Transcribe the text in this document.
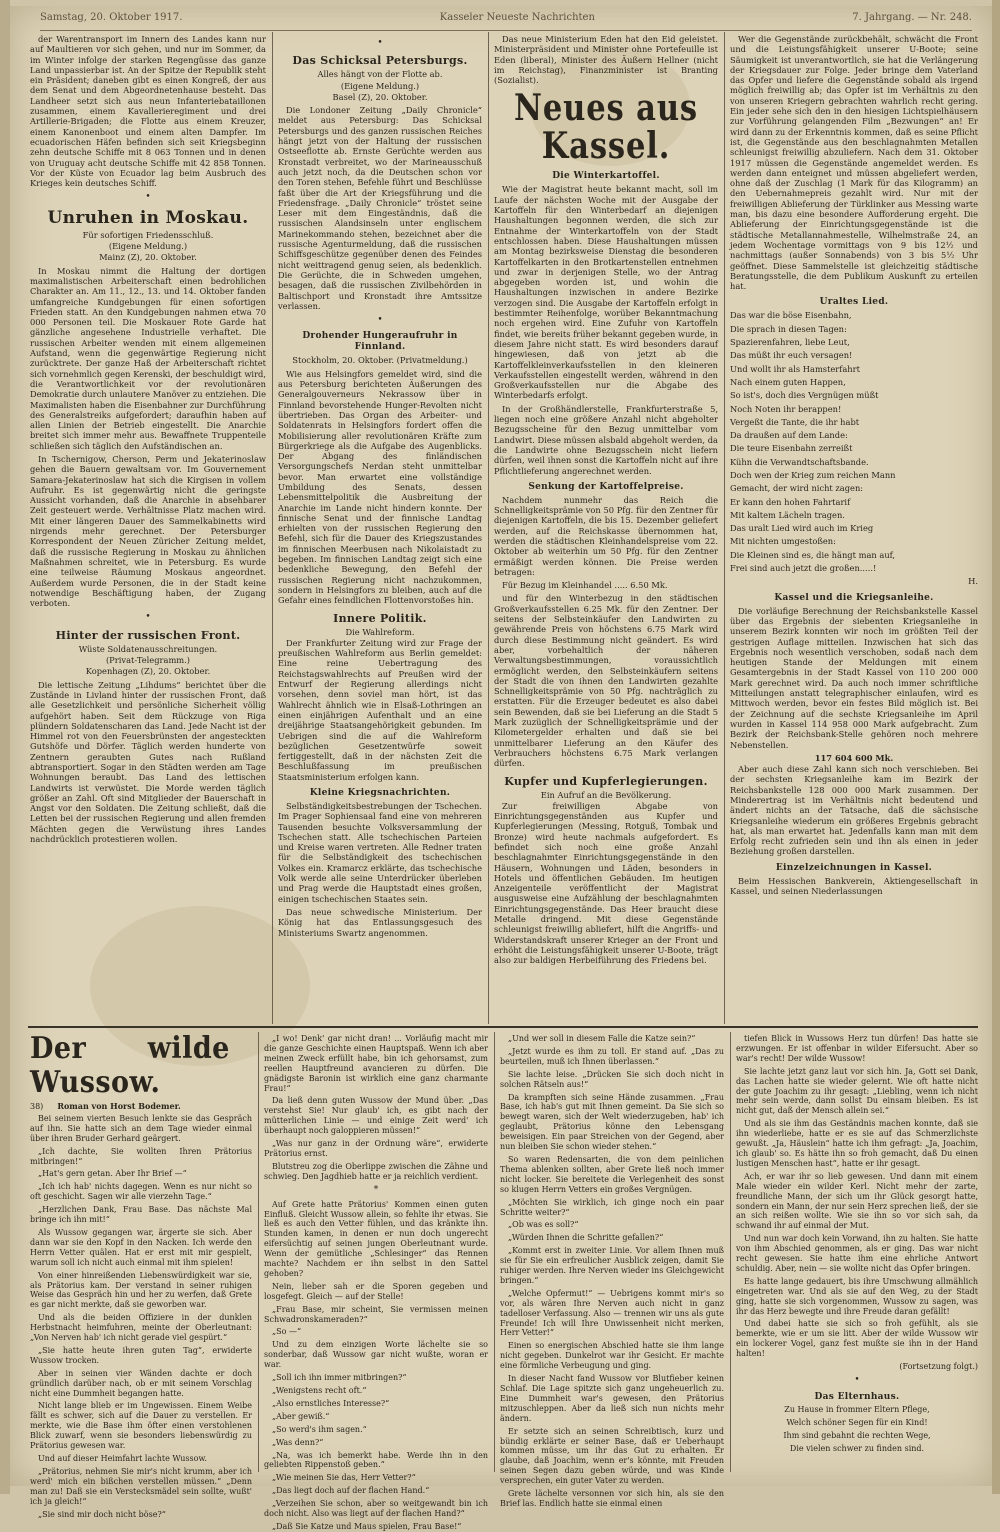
Samstag, 20. Oktober 1917.	Kasseler Neueste Nachrichten	7. Jahrgang. — Nr. 248.

der Warentransport im Innern des Landes kann nur auf Maultieren vor sich gehen, und nur im Sommer, da im Winter infolge der starken Regengüsse das ganze Land unpassierbar ist. An der Spitze der Republik steht ein Präsident; daneben gibt es einen Kongreß, der aus dem Senat und dem Abgeordnetenhause besteht. Das Landheer setzt sich aus neun Infanteriebataillonen zusammen, einem Kavallerieregiment und drei Artillerie-Brigaden; die Flotte aus einem Kreuzer, einem Kanonenboot und einem alten Dampfer. Im ecuadorischen Häfen befinden sich seit Kriegsbeginn zehn deutsche Schiffe mit 8 063 Tonnen und in denen von Uruguay acht deutsche Schiffe mit 42 858 Tonnen. Vor der Küste von Ecuador lag beim Ausbruch des Krieges kein deutsches Schiff.

•
Unruhen in Moskau.
Für sofortigen Friedensschluß.
(Eigene Meldung.)
Mainz (Z), 20. Oktober.

In Moskau nimmt die Haltung der dortigen maximalistischen Arbeiterschaft einen bedrohlichen Charakter an. Am 11., 12., 13. und 14. Oktober fanden umfangreiche Kundgebungen für einen sofortigen Frieden statt. An den Kundgebungen nahmen etwa 70 000 Personen teil. Die Moskauer Rote Garde hat gänzliche angesehene Industrielle verhaftet. Die russischen Arbeiter wenden mit einem allgemeinen Aufstand, wenn die gegenwärtige Regierung nicht zurücktrete. Der ganze Haß der Arbeiterschaft richtet sich vornehmlich gegen Kerenski, der beschuldigt wird, die Verantwortlichkeit vor der revolutionären Demokratie durch unlautere Manöver zu entziehen. Die Maximalisten haben die Eisenbahner zur Durchführung des Generalstreiks aufgefordert; daraufhin haben auf allen Linien der Betrieb eingestellt. Die Anarchie breitet sich immer mehr aus. Bewaffnete Truppenteile schließen sich täglich den Aufständischen an.

In Tschernigow, Cherson, Perm und Jekaterinoslaw gehen die Bauern gewaltsam vor. Im Gouvernement Samara-Jekaterinoslaw hat sich die Kirgisen in vollem Aufruhr. Es ist gegenwärtig nicht die geringste Aussicht vorhanden, daß die Anarchie in absehbarer Zeit gesteuert werde. Verhältnisse Platz machen wird. Mit einer längeren Dauer des Sammelkabinetts wird nirgends mehr gerechnet. Der Petersburger Korrespondent der Neuen Züricher Zeitung meldet, daß die russische Regierung in Moskau zu ähnlichen Maßnahmen schreitet, wie in Petersburg. Es wurde eine teilweise Räumung Moskaus angeordnet. Außerdem wurde Personen, die in der Stadt keine notwendige Beschäftigung haben, der Zugang verboten.

•
Hinter der russischen Front.
Wüste Soldatenausschreitungen.
(Privat-Telegramm.)
Kopenhagen (Z), 20. Oktober.

Die lettische Zeitung „Lihdums“ berichtet über die Zustände in Livland hinter der russischen Front, daß alle Gesetzlichkeit und persönliche Sicherheit völlig aufgehört haben. Seit dem Rückzuge von Riga plündern Soldatenscharen das Land. Jede Nacht ist der Himmel rot von den Feuersbrünsten der angesteckten Gutshöfe und Dörfer. Täglich werden hunderte von Zentnern geraubten Gutes nach Rußland abtransportiert. Sogar in den Städten werden am Tage Wohnungen beraubt. Das Land des lettischen Landwirts ist verwüstet. Die Morde werden täglich größer an Zahl. Oft sind Mitglieder der Bauerschaft in Angst vor den Soldaten. Die Zeitung schließt, daß die Letten bei der russischen Regierung und allen fremden Mächten gegen die Verwüstung ihres Landes nachdrücklich protestieren wollen.

•
Das Schicksal Petersburgs.
Alles hängt von der Flotte ab.
(Eigene Meldung.)
Basel (Z), 20. Oktober.

Die Londoner Zeitung „Daily Chronicle“ meldet aus Petersburg: Das Schicksal Petersburgs und des ganzen russischen Reiches hängt jetzt von der Haltung der russischen Ostseeflotte ab. Ernste Gerüchte werden aus Kronstadt verbreitet, wo der Marineausschuß auch jetzt noch, da die Deutschen schon vor den Toren stehen, Befehle führt und Beschlüsse faßt über die Art der Kriegsführung und die Friedensfrage. „Daily Chronicle“ tröstet seine Leser mit dem Eingeständnis, daß die russischen Alandsinseln unter englischem Marinekommando stehen, bezeichnet aber die russische Agenturmeldung, daß die russischen Schiffsgeschütze gegenüber denen des Feindes nicht weittragend genug seien, als bedenklich. Die Gerüchte, die in Schweden umgehen, besagen, daß die russischen Zivilbehörden in Baltischport und Kronstadt ihre Amtssitze verlassen.

•
Drohender Hungeraufruhr in Finnland.
Stockholm, 20. Oktober. (Privatmeldung.)

Wie aus Helsingfors gemeldet wird, sind die aus Petersburg berichteten Äußerungen des Generalgouverneurs Nekrassow über in Finnland bevorstehende Hunger-Revolten nicht übertrieben. Das Organ des Arbeiter- und Soldatenrats in Helsingfors fordert offen die Mobilisierung aller revolutionären Kräfte zum Bürgerkriege als die Aufgabe des Augenblicks. Der Abgang des finländischen Versorgungschefs Nerdan steht unmittelbar bevor. Man erwartet eine vollständige Umbildung des Senats, dessen Lebensmittelpolitik die Ausbreitung der Anarchie im Lande nicht hindern konnte. Der finnische Senat und der finnische Landtag erhielten von der russischen Regierung den Befehl, sich für die Dauer des Kriegszustandes im finnischen Meerbusen nach Nikolaistadt zu begeben. Im finnischen Landtag zeigt sich eine bedenkliche Bewegung, den Befehl der russischen Regierung nicht nachzukommen, sondern in Helsingfors zu bleiben, auch auf die Gefahr eines feindlichen Flottenvorstoßes hin.

Innere Politik.
Die Wahlreform.

Der Frankfurter Zeitung wird zur Frage der preußischen Wahlreform aus Berlin gemeldet: Eine reine Uebertragung des Reichstagswahlrechts auf Preußen wird der Entwurf der Regierung allerdings nicht vorsehen, denn soviel man hört, ist das Wahlrecht ähnlich wie in Elsaß-Lothringen an einen einjährigen Aufenthalt und an eine dreijährige Staatsangehörigkeit gebunden. Im Uebrigen sind die auf die Wahlreform bezüglichen Gesetzentwürfe soweit fertiggestellt, daß in der nächsten Zeit die Beschlußfassung im preußischen Staatsministerium erfolgen kann.

Kleine Kriegsnachrichten.

Selbständigkeitsbestrebungen der Tschechen. Im Prager Sophiensaal fand eine von mehreren Tausenden besuchte Volksversammlung der Tschechen statt. Alle tschechischen Parteien und Kreise waren vertreten. Alle Redner traten für die Selbständigkeit des tschechischen Volkes ein. Kramarcz erklärte, das tschechische Volk werde alle seine Unterdrücker überleben und Prag werde die Hauptstadt eines großen, einigen tschechischen Staates sein.

Das neue schwedische Ministerium. Der König hat das Entlassungsgesuch des Ministeriums Swartz angenommen.

Das neue Ministerium Eden hat den Eid geleistet. Ministerpräsident und Minister ohne Portefeuille ist Eden (liberal), Minister des Äußern Hellner (nicht im Reichstag), Finanzminister ist Branting (Sozialist).

Neues aus Kassel.
Die Winterkartoffel.

Wie der Magistrat heute bekannt macht, soll im Laufe der nächsten Woche mit der Ausgabe der Kartoffeln für den Winterbedarf an diejenigen Haushaltungen begonnen werden, die sich zur Entnahme der Winterkartoffeln von der Stadt entschlossen haben. Diese Haushaltungen müssen am Montag bezirksweise Dienstag die besonderen Kartoffelkarten in den Brotkartenstellen entnehmen und zwar in derjenigen Stelle, wo der Antrag abgegeben worden ist, und wohin die Haushaltungen inzwischen in andere Bezirke verzogen sind. Die Ausgabe der Kartoffeln erfolgt in bestimmter Reihenfolge, worüber Bekanntmachung noch ergehen wird. Eine Zufuhr von Kartoffeln findet, wie bereits früher bekannt gegeben wurde, in diesem Jahre nicht statt. Es wird besonders darauf hingewiesen, daß von jetzt ab die Kartoffelkleinverkaufsstellen in den kleineren Verkaufsstellen eingestellt werden, während in den Großverkaufsstellen nur die Abgabe des Winterbedarfs erfolgt.

In der Großhändlerstelle, Frankfurterstraße 5, liegen noch eine größere Anzahl nicht abgeholter Bezugsscheine für den Bezug unmittelbar vom Landwirt. Diese müssen alsbald abgeholt werden, da die Landwirte ohne Bezugsschein nicht liefern dürfen, weil ihnen sonst die Kartoffeln nicht auf ihre Pflichtlieferung angerechnet werden.

Senkung der Kartoffelpreise.

Nachdem nunmehr das Reich die Schnelligkeitsprämie von 50 Pfg. für den Zentner für diejenigen Kartoffeln, die bis 15. Dezember geliefert werden, auf die Reichskasse übernommen hat, werden die städtischen Kleinhandelspreise vom 22. Oktober ab weiterhin um 50 Pfg. für den Zentner ermäßigt werden können. Die Preise werden betragen:

Für Bezug im Kleinhandel ..... 6.50 Mk.

und für den Winterbezug in den städtischen Großverkaufsstellen 6.25 Mk. für den Zentner. Der seitens der Selbsteinkäufer den Landwirten zu gewährende Preis von höchstens 6.75 Mark wird durch diese Bestimmung nicht geändert. Es wird aber, vorbehaltlich der näheren Verwaltungsbestimmungen, voraussichtlich ermöglicht werden, den Selbsteinkäufern seitens der Stadt die von ihnen den Landwirten gezahlte Schnelligkeitsprämie von 50 Pfg. nachträglich zu erstatten. Für die Erzeuger bedeutet es also dabei sein Bewenden, daß sie bei Lieferung an die Stadt 5 Mark zuzüglich der Schnelligkeitsprämie und der Kilometergelder erhalten und daß sie bei unmittelbarer Lieferung an den Käufer des Verbrauchers höchstens 6.75 Mark verlangen dürfen.

Kupfer und Kupferlegierungen.
Ein Aufruf an die Bevölkerung.

Zur freiwilligen Abgabe von Einrichtungsgegenständen aus Kupfer und Kupferlegierungen (Messing, Rotguß, Tombak und Bronze) wird heute nachmals aufgefordert. Es befindet sich noch eine große Anzahl beschlagnahmter Einrichtungsgegenstände in den Häusern, Wohnungen und Läden, besonders in Hotels und öffentlichen Gebäuden. Im heutigen Anzeigenteile veröffentlicht der Magistrat ausgusweise eine Aufzählung der beschlagnahmten Einrichtungsgegenstände. Das Heer braucht diese Metalle dringend. Mit diese Gegenstände schleunigst freiwillig abliefert, hilft die Angriffs- und Widerstandskraft unserer Krieger an der Front und erhöht die Leistungsfähigkeit unserer U-Boote, trägt also zur baldigen Herbeiführung des Friedens bei.

Wer die Gegenstände zurückbehält, schwächt die Front und die Leistungsfähigkeit unserer U-Boote; seine Säumigkeit ist unverantwortlich, sie hat die Verlängerung der Kriegsdauer zur Folge. Jeder bringe dem Vaterland das Opfer und liefere die Gegenstände sobald als irgend möglich freiwillig ab; das Opfer ist im Verhältnis zu den von unseren Kriegern gebrachten wahrlich recht gering. Ein jeder sehe sich den in den hiesigen Lichtspielhäusern zur Vorführung gelangenden Film „Bezwungen“ an! Er wird dann zu der Erkenntnis kommen, daß es seine Pflicht ist, die Gegenstände aus den beschlagnahmten Metallen schleunigst freiwillig abzuliefern. Nach dem 31. Oktober 1917 müssen die Gegenstände angemeldet werden. Es werden dann enteignet und müssen abgeliefert werden, ohne daß der Zuschlag (1 Mark für das Kilogramm) an den Uebernahmepreis gezahlt wird. Nur mit der freiwilligen Ablieferung der Türklinker aus Messing warte man, bis dazu eine besondere Aufforderung ergeht. Die Ablieferung der Einrichtungsgegenstände ist die städtische Metallannahmestelle, Wilhelmstraße 24, an jedem Wochentage vormittags von 9 bis 12½ und nachmittags (außer Sonnabends) von 3 bis 5½ Uhr geöffnet. Diese Sammelstelle ist gleichzeitig städtische Beratungsstelle, die dem Publikum Auskunft zu erteilen hat.

Uraltes Lied.

Das war die böse Eisenbahn,

Die sprach in diesen Tagen:

Spazierenfahren, liebe Leut,

Das müßt ihr euch versagen!

Und wollt ihr als Hamsterfahrt

Nach einem guten Happen,

So ist's, doch dies Vergnügen müßt

Noch Noten ihr berappen!

Vergeßt die Tante, die ihr habt

Da draußen auf dem Lande:

Die teure Eisenbahn zerreißt

Kühn die Verwandtschaftsbande.

Doch wen der Krieg zum reichen Mann

Gemacht, der wird nicht zagen:

Er kann den hohen Fahrtarif

Mit kaltem Lächeln tragen.

Das uralt Lied wird auch im Krieg

Mit nichten umgestoßen:

Die Kleinen sind es, die hängt man auf,

Frei sind auch jetzt die großen.....!

H.

Kassel und die Kriegsanleihe.

Die vorläufige Berechnung der Reichsbankstelle Kassel über das Ergebnis der siebenten Kriegsanleihe in unserem Bezirk konnten wir noch im größten Teil der gestrigen Auflage mitteilen. Inzwischen hat sich das Ergebnis noch wesentlich verschoben, sodaß nach dem heutigen Stande der Meldungen mit einem Gesamtergebnis in der Stadt Kassel von 110 200 000 Mark gerechnet wird. Da auch noch immer schriftliche Mitteilungen anstatt telegraphischer einlaufen, wird es Mittwoch werden, bevor ein festes Bild möglich ist. Bei der Zeichnung auf die sechste Kriegsanleihe im April wurden in Kassel 114 958 000 Mark aufgebracht. Zum Bezirk der Reichsbank-Stelle gehören noch mehrere Nebenstellen.

117 604 600 Mk.

Aber auch diese Zahl kann sich noch verschieben. Bei der sechsten Kriegsanleihe kam im Bezirk der Reichsbankstelle 128 000 000 Mark zusammen. Der Minderertrag ist im Verhältnis nicht bedeutend und ändert nichts an der Tatsache, daß die sächsische Kriegsanleihe wiederum ein größeres Ergebnis gebracht hat, als man erwartet hat. Jedenfalls kann man mit dem Erfolg recht zufrieden sein und ihn als einen in jeder Beziehung großen darstellen.

Einzelzeichnungen in Kassel.

Beim Hessischen Bankverein, Aktiengesellschaft in Kassel, und seinen Niederlassungen

Der wilde Wussow.
38) Roman von Horst Bodemer.

Bei seinem vierten Besuch lenkte sie das Gespräch auf ihn. Sie hatte sich an dem Tage wieder einmal über ihren Bruder Gerhard geärgert.

„Ich dachte, Sie wollten Ihren Prätorius mitbringen!“

„Hat's gern getan. Aber Ihr Brief —“

„Ich ich hab' nichts dagegen. Wenn es nur nicht so oft geschicht. Sagen wir alle vierzehn Tage.“

„Herzlichen Dank, Frau Base. Das nächste Mal bringe ich ihn mit!“

Als Wussow gegangen war, ärgerte sie sich. Aber dann war sie den Kopf in den Nacken. Ich werde den Herrn Vetter quälen. Hat er erst mit mir gespielt, warum soll ich nicht auch einmal mit ihm spielen!

Von einer hinreißenden Liebenswürdigkeit war sie, als Prätorius kam. Der verstand in seiner ruhigen Weise das Gespräch hin und her zu werfen, daß Grete es gar nicht merkte, daß sie geworben war.

Und als die beiden Offiziere in der dunklen Herbstnacht heimfuhren, meinte der Oberleutnant: „Von Nerven hab' ich nicht gerade viel gespürt.“

„Sie hatte heute ihren guten Tag“, erwiderte Wussow trocken.

Aber in seinen vier Wänden dachte er doch gründlich darüber nach, ob er mit seinem Vorschlag nicht eine Dummheit begangen hatte.

Nicht lange blieb er im Ungewissen. Einem Weibe fällt es schwer, sich auf die Dauer zu verstellen. Er merkte, wie die Base ihm öfter einen verstohlenen Blick zuwarf, wenn sie besonders liebenswürdig zu Prätorius gewesen war.

Und auf dieser Heimfahrt lachte Wussow.

„Prätorius, nehmen Sie mir's nicht krumm, aber ich werd' mich ein bißchen verstellen müssen.“ „Denn man zu! Daß sie ein Verstecksmädel sein sollte, wußt' ich ja gleich!“

„Sie sind mir doch nicht böse?“

„I wo! Denk' gar nicht dran! ... Vorläufig macht mir die ganze Geschichte einen Hauptspaß. Wenn ich aber meinen Zweck erfüllt habe, bin ich gehorsamst, zum reellen Hauptfreund avancieren zu dürfen. Die gnädigste Baronin ist wirklich eine ganz charmante Frau!“

Da ließ denn guten Wussow der Mund über. „Das verstehst Sie! Nur glaub' ich, es gibt nach der mütterlichen Linie — und einige Zeit werd' ich überhaupt noch galoppieren müssen!“

„Was nur ganz in der Ordnung wäre“, erwiderte Prätorius ernst.

Blutstreu zog die Oberlippe zwischen die Zähne und schwieg. Den Jagdhieb hatte er ja reichlich verdient.

*

Auf Grete hatte Prätorius' Kommen einen guten Einfluß. Gleicht Wussow allein, so fehlte ihr etwas. Sie ließ es auch den Vetter fühlen, und das kränkte ihn. Stunden kamen, in denen er nun doch ungerecht eifersüchtig auf seinen jungen Oberleutnant wurde. Wenn der gemütliche „Schlesinger“ das Rennen machte? Nachdem er ihn selbst in den Sattel gehoben?

Nein, lieber sah er die Sporen gegeben und losgefegt. Gleich — auf der Stelle!

„Frau Base, mir scheint, Sie vermissen meinen Schwadronskameraden?“

„So —“

Und zu dem einzigen Worte lächelte sie so sonderbar, daß Wussow gar nicht wußte, woran er war.

„Soll ich ihn immer mitbringen?“

„Wenigstens recht oft.“

„Also ernstliches Interesse?“

„Aber gewiß.“

„So werd's ihm sagen.“

„Was denn?“

„Na, was ich bemerkt habe. Werde ihn in den geliebten Rippenstoß geben.“

„Wie meinen Sie das, Herr Vetter?“

„Das liegt doch auf der flachen Hand.“

„Verzeihen Sie schon, aber so weitgewandt bin ich doch nicht. Also was liegt auf der flachen Hand?“

„Daß Sie Katze und Maus spielen, Frau Base!“

„Und wer soll in diesem Falle die Katze sein?“

„Jetzt wurde es ihm zu toll. Er stand auf. „Das zu beurteilen, muß ich Ihnen überlassen.“

Sie lachte leise. „Drücken Sie sich doch nicht in solchen Rätseln aus!“

Da krampften sich seine Hände zusammen. „Frau Base, ich hab's gut mit Ihnen gemeint. Da Sie sich so bewegt waren, sich der Welt wiederzugeben, hab' ich geglaubt, Prätorius könne den Lebensgang beweisigen. Ein paar Streichen von der Gegend, aber nun bleiben Sie schon wieder stehen.“

So waren Redensarten, die von dem peinlichen Thema ablenken sollten, aber Grete ließ noch immer nicht locker. Sie bereitete die Verlegenheit des sonst so klugen Herrn Vetters ein großes Vergnügen.

„Möchten Sie wirklich, ich ginge noch ein paar Schritte weiter?“

„Ob was es soll?“

„Würden Ihnen die Schritte gefallen?“

„Kommt erst in zweiter Linie. Vor allem Ihnen muß sie für Sie ein erfreulicher Ausblick zeigen, damit Sie ruhiger werden. Ihre Nerven wieder ins Gleichgewicht bringen.“

„Welche Opfermut!“ — Uebrigens kommt mir's so vor, als wären Ihre Nerven auch nicht in ganz tadelloser Verfassung. Also — trennen wir uns als gute Freunde! Ich will Ihre Unwissenheit nicht merken, Herr Vetter!“

Einen so energischen Abschied hatte sie ihm lange nicht gegeben. Dunkelrot war ihr Gesicht. Er machte eine förmliche Verbeugung und ging.

In dieser Nacht fand Wussow vor Blutfieber keinen Schlaf. Die Lage spitzte sich ganz ungeheuerlich zu. Eine Dummheit war's gewesen, den Prätorius mitzuschleppen. Aber da ließ sich nun nichts mehr ändern.

Er setzte sich an seinen Schreibtisch, kurz und bündig erklärte er seiner Base, daß er Ueberhaupt kommen müsse, um ihr das Gut zu erhalten. Er glaube, daß Joachim, wenn er's könnte, mit Freuden seinen Segen dazu geben würde, und was Kinde versprechen, ein guter Vater zu werden.

Grete lächelte versonnen vor sich hin, als sie den Brief las. Endlich hatte sie einmal einen

tiefen Blick in Wussows Herz tun dürfen! Das hatte sie erzwungen. Er ist offenbar in wilder Eifersucht. Aber so war's recht! Der wilde Wussow!

Sie lachte jetzt ganz laut vor sich hin. Ja, Gott sei Dank, das Lachen hatte sie wieder gelernt. Wie oft hatte nicht der gute Joachim zu ihr gesagt: „Liebling, wenn ich nicht mehr sein werde, dann sollst Du einsam bleiben. Es ist nicht gut, daß der Mensch allein sei.“

Und als sie ihm das Geständnis machen konnte, daß sie ihn wiederliebe, hatte er es sie auf das Schmerzlichste gewußt. „Ja, Häuslein“ hatte ich ihm gefragt: „Ja, Joachim, ich glaub' so. Es hätte ihn so froh gemacht, daß Du einen lustigen Menschen hast“, hatte er ihr gesagt.

Ach, er war ihr so lieb gewesen. Und dann mit einem Male wieder ein wilder Kerl. Nicht mehr der zarte, freundliche Mann, der sich um ihr Glück gesorgt hatte, sondern ein Mann, der nur sein Herz sprechen ließ, der sie an sich reißen wollte. Wie sie ihn so vor sich sah, da schwand ihr auf einmal der Mut.

Und nun war doch kein Vorwand, ihn zu halten. Sie hatte von ihm Abschied genommen, als er ging. Das war nicht recht gewesen. Sie hatte ihm eine ehrliche Antwort schuldig. Aber, nein — sie wollte nicht das Opfer bringen.

Es hatte lange gedauert, bis ihre Umschwung allmählich eingetreten war. Und als sie auf den Weg, zu der Stadt ging, hatte sie sich vorgenommen, Wussow zu sagen, was ihr das Herz bewegte und ihre Freude daran gefällt!

Und dabei hatte sie sich so froh gefühlt, als sie bemerkte, wie er um sie litt. Aber der wilde Wussow wir ein lockerer Vogel, ganz fest mußte sie ihn in der Hand halten!

(Fortsetzung folgt.)

•
Das Elternhaus.

Zu Hause in frommer Eltern Pflege,

Welch schöner Segen für ein Kind!

Ihm sind gebahnt die rechten Wege,

Die vielen schwer zu finden sind.
